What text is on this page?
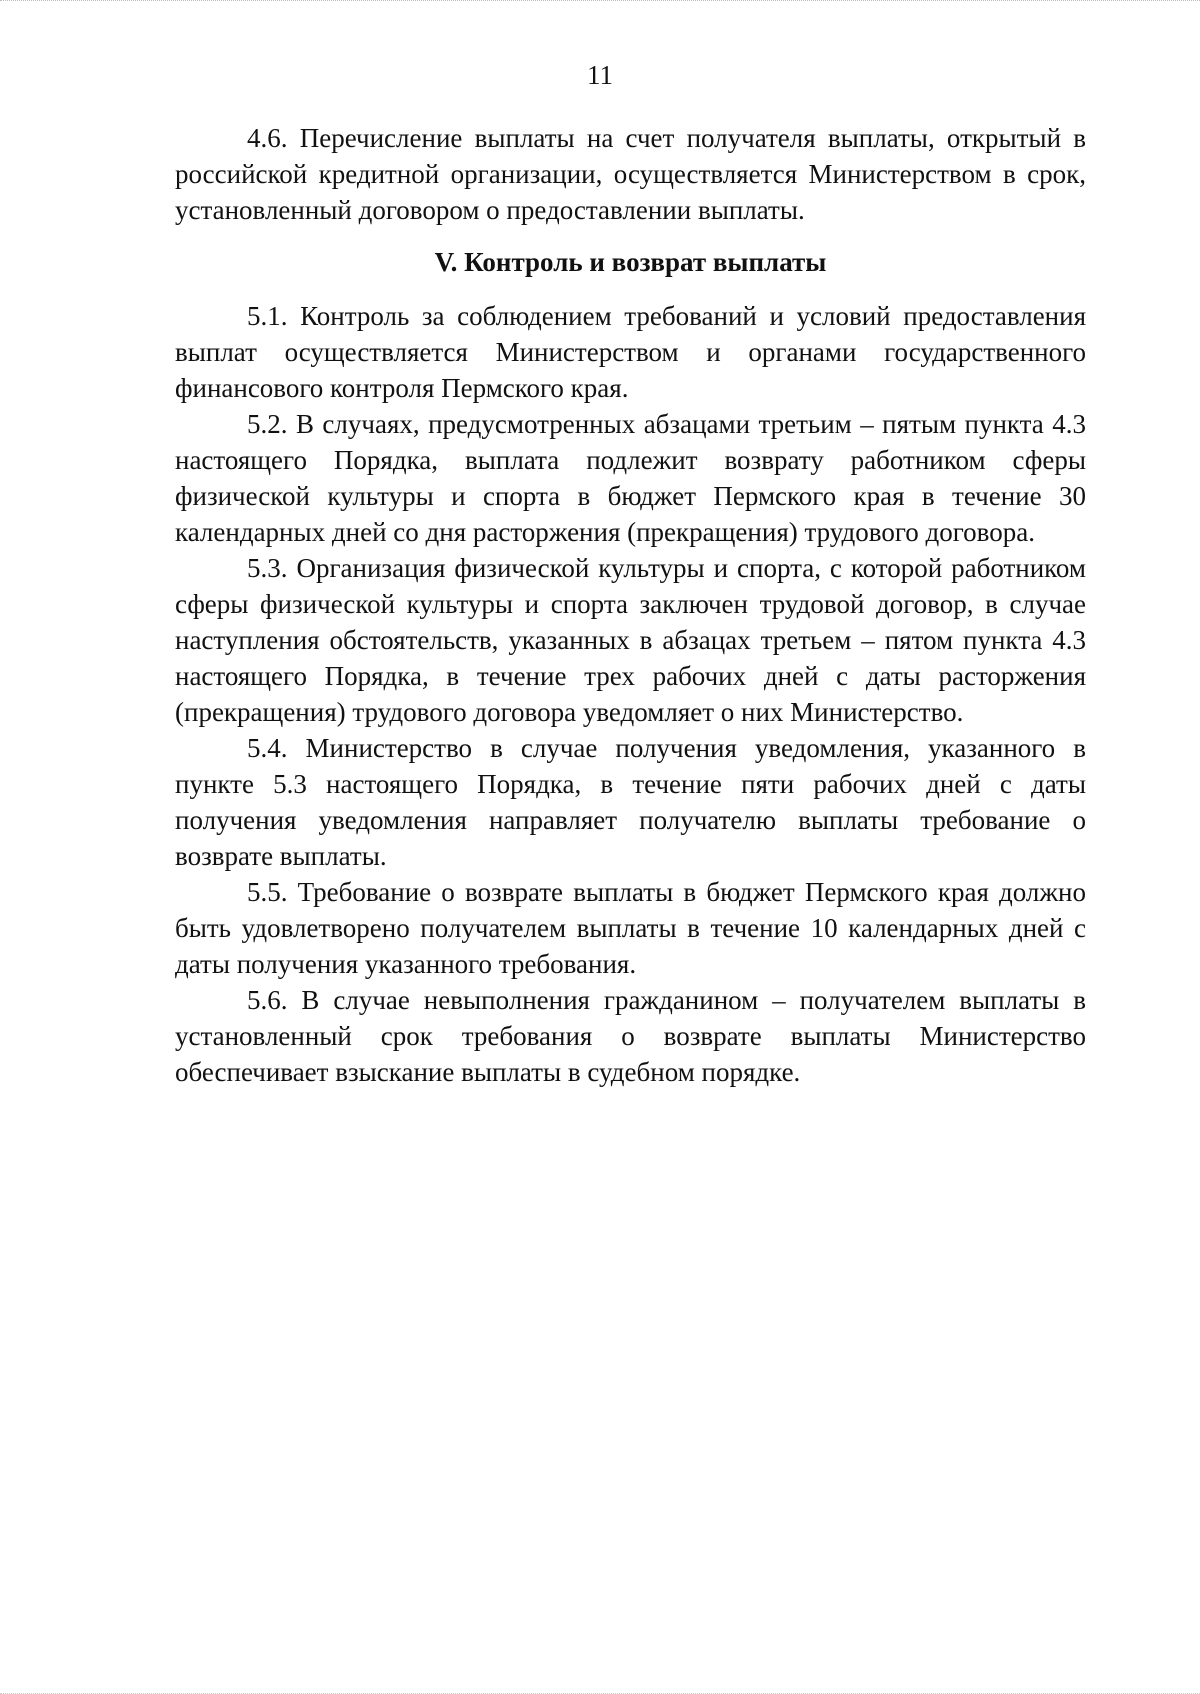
11

4.6. Перечисление выплаты на счет получателя выплаты, открытый в российской кредитной организации, осуществляется Министерством в срок, установленный договором о предоставлении выплаты.

V. Контроль и возврат выплаты

5.1. Контроль за соблюдением требований и условий предоставления выплат осуществляется Министерством и органами государственного финансового контроля Пермского края.

5.2. В случаях, предусмотренных абзацами третьим – пятым пункта 4.3 настоящего Порядка, выплата подлежит возврату работником сферы физической культуры и спорта в бюджет Пермского края в течение 30 календарных дней со дня расторжения (прекращения) трудового договора.

5.3. Организация физической культуры и спорта, с которой работником сферы физической культуры и спорта заключен трудовой договор, в случае наступления обстоятельств, указанных в абзацах третьем – пятом пункта 4.3 настоящего Порядка, в течение трех рабочих дней с даты расторжения (прекращения) трудового договора уведомляет о них Министерство.

5.4. Министерство в случае получения уведомления, указанного в пункте 5.3 настоящего Порядка, в течение пяти рабочих дней с даты получения уведомления направляет получателю выплаты требование о возврате выплаты.

5.5. Требование о возврате выплаты в бюджет Пермского края должно быть удовлетворено получателем выплаты в течение 10 календарных дней с даты получения указанного требования.

5.6. В случае невыполнения гражданином – получателем выплаты в установленный срок требования о возврате выплаты Министерство обеспечивает взыскание выплаты в судебном порядке.
